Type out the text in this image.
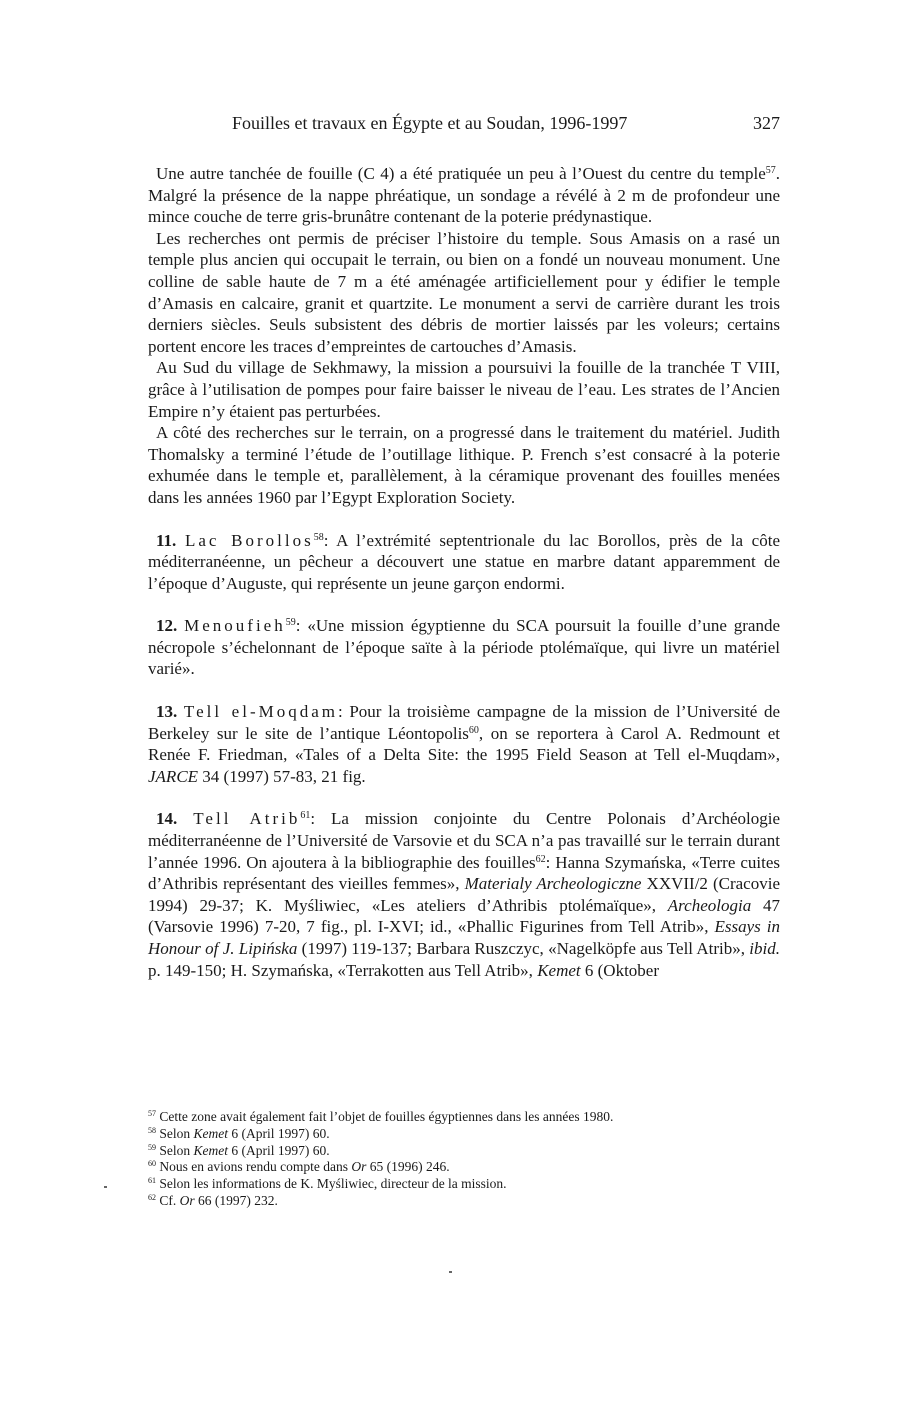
Fouilles et travaux en Égypte et au Soudan, 1996-1997	327

Une autre tanchée de fouille (C 4) a été pratiquée un peu à l’Ouest du centre du temple$^{57}$. Malgré la présence de la nappe phréatique, un sondage a révélé à 2 m de profondeur une mince couche de terre gris-brunâtre contenant de la poterie prédynastique.

Les recherches ont permis de préciser l’histoire du temple. Sous Amasis on a rasé un temple plus ancien qui occupait le terrain, ou bien on a fondé un nouveau monument. Une colline de sable haute de 7 m a été aménagée artificiellement pour y édifier le temple d’Amasis en calcaire, granit et quartzite. Le monument a servi de carrière durant les trois derniers siècles. Seuls subsistent des débris de mortier laissés par les voleurs; certains portent encore les traces d’empreintes de cartouches d’Amasis.

Au Sud du village de Sekhmawy, la mission a poursuivi la fouille de la tranchée T VIII, grâce à l’utilisation de pompes pour faire baisser le niveau de l’eau. Les strates de l’Ancien Empire n’y étaient pas perturbées.

A côté des recherches sur le terrain, on a progressé dans le traitement du matériel. Judith Thomalsky a terminé l’étude de l’outillage lithique. P. French s’est consacré à la poterie exhumée dans le temple et, parallèlement, à la céramique provenant des fouilles menées dans les années 1960 par l’Egypt Exploration Society.

11. Lac Borollos$^{58}$: A l’extrémité septentrionale du lac Borollos, près de la côte méditerranéenne, un pêcheur a découvert une statue en marbre datant apparemment de l’époque d’Auguste, qui représente un jeune garçon endormi.

12. Menoufieh$^{59}$: «Une mission égyptienne du SCA poursuit la fouille d’une grande nécropole s’échelonnant de l’époque saïte à la période ptolémaïque, qui livre un matériel varié».

13. Tell el-Moqdam: Pour la troisième campagne de la mission de l’Université de Berkeley sur le site de l’antique Léontopolis$^{60}$, on se reportera à Carol A. Redmount et Renée F. Friedman, «Tales of a Delta Site: the 1995 Field Season at Tell el-Muqdam», JARCE 34 (1997) 57-83, 21 fig.

14. Tell Atrib$^{61}$: La mission conjointe du Centre Polonais d’Archéologie méditerranéenne de l’Université de Varsovie et du SCA n’a pas travaillé sur le terrain durant l’année 1996. On ajoutera à la bibliographie des fouilles$^{62}$: Hanna Szymańska, «Terre cuites d’Athribis représentant des vieilles femmes», Materialy Archeologiczne XXVII/2 (Cracovie 1994) 29-37; K. Myśliwiec, «Les ateliers d’Athribis ptolémaïque», Archeologia 47 (Varsovie 1996) 7-20, 7 fig., pl. I-XVI; id., «Phallic Figurines from Tell Atrib», Essays in Honour of J. Lipińska (1997) 119-137; Barbara Ruszczyc, «Nagelköpfe aus Tell Atrib», ibid. p. 149-150; H. Szymańska, «Terrakotten aus Tell Atrib», Kemet 6 (Oktober

$^{57}$ Cette zone avait également fait l’objet de fouilles égyptiennes dans les années 1980.

$^{58}$ Selon Kemet 6 (April 1997) 60.

$^{59}$ Selon Kemet 6 (April 1997) 60.

$^{60}$ Nous en avions rendu compte dans Or 65 (1996) 246.

$^{61}$ Selon les informations de K. Myśliwiec, directeur de la mission.

$^{62}$ Cf. Or 66 (1997) 232.
